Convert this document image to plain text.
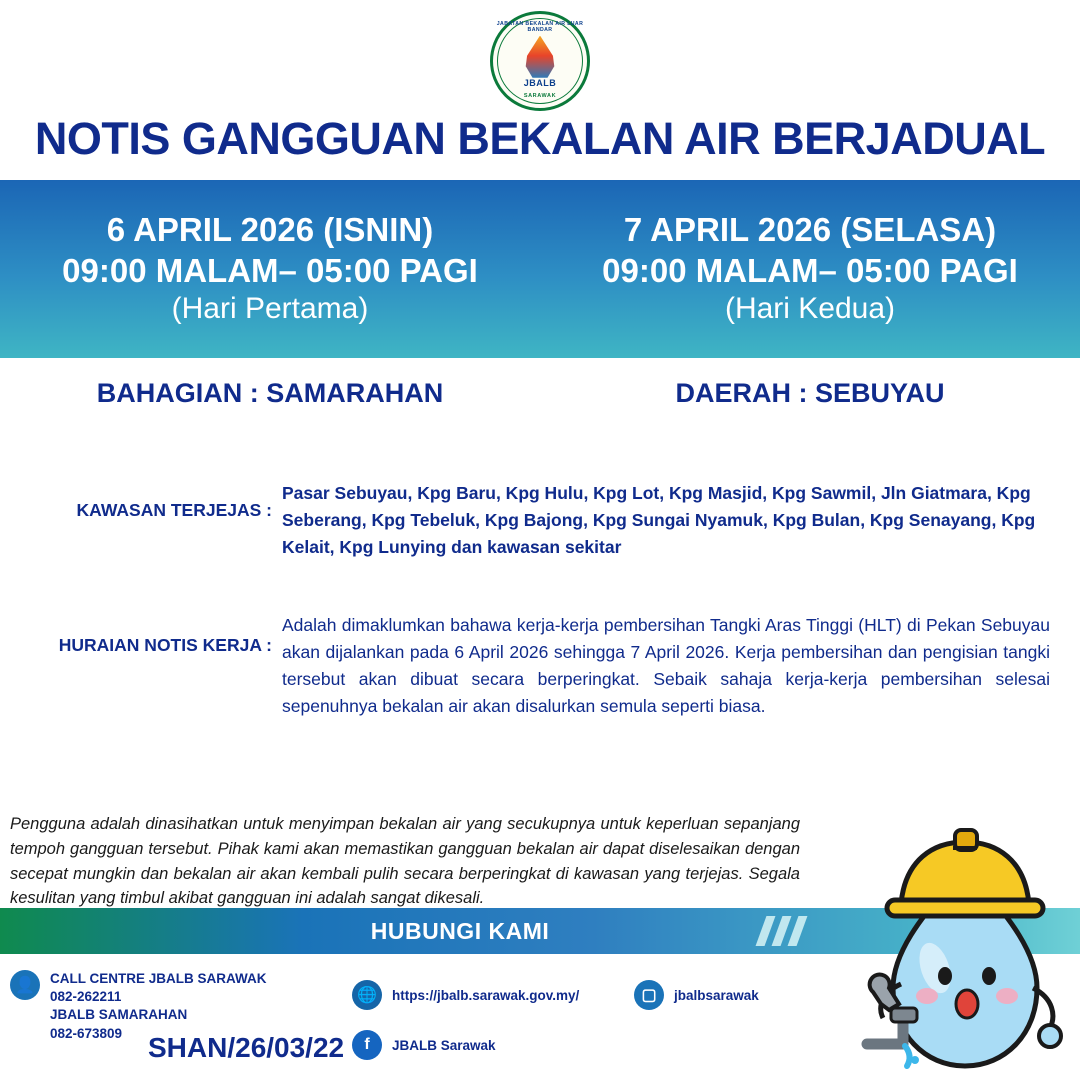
JABATAN BEKALAN AIR LUAR BANDAR
JBALB
SARAWAK
NOTIS GANGGUAN BEKALAN AIR BERJADUAL
6 APRIL 2026 (ISNIN)
09:00 MALAM– 05:00 PAGI
(Hari Pertama)
7 APRIL 2026 (SELASA)
09:00 MALAM– 05:00 PAGI
(Hari Kedua)
BAHAGIAN : SAMARAHAN	DAERAH : SEBUYAU
KAWASAN TERJEJAS :
Pasar Sebuyau, Kpg Baru, Kpg Hulu, Kpg Lot, Kpg Masjid, Kpg Sawmil, Jln Giatmara, Kpg Seberang, Kpg Tebeluk, Kpg Bajong, Kpg Sungai Nyamuk, Kpg Bulan, Kpg Senayang, Kpg Kelait, Kpg Lunying dan kawasan sekitar
HURAIAN NOTIS KERJA :
Adalah dimaklumkan bahawa kerja-kerja pembersihan Tangki Aras Tinggi (HLT) di Pekan Sebuyau akan dijalankan pada 6 April 2026 sehingga 7 April 2026. Kerja pembersihan dan pengisian tangki tersebut akan dibuat secara berperingkat. Sebaik sahaja kerja-kerja pembersihan selesai sepenuhnya bekalan air akan disalurkan semula seperti biasa.
Pengguna adalah dinasihatkan untuk menyimpan bekalan air yang secukupnya untuk keperluan sepanjang tempoh gangguan tersebut. Pihak kami akan memastikan gangguan bekalan air dapat diselesaikan dengan secepat mungkin dan bekalan air akan kembali pulih secara berperingkat di kawasan yang terjejas. Segala kesulitan yang timbul akibat gangguan ini adalah sangat dikesali.
HUBUNGI KAMI
👤	CALL CENTRE JBALB SARAWAK
082-262211
JBALB SAMARAHAN
082-673809
🌐	https://jbalb.sarawak.gov.my/	▢	jbalbsarawak
f	JBALB Sarawak
SHAN/26/03/22
